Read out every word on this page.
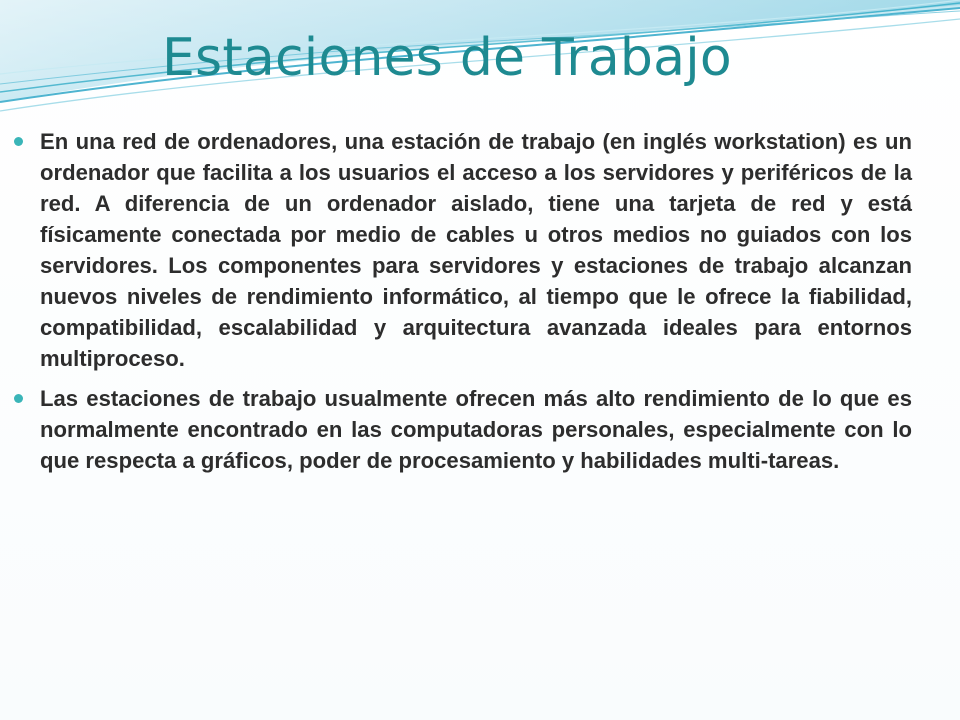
Estaciones de Trabajo
En una red de ordenadores, una estación de trabajo (en inglés workstation) es un ordenador que facilita a los usuarios el acceso a los servidores y periféricos de la red. A diferencia de un ordenador aislado, tiene una tarjeta de red y está físicamente conectada por medio de cables u otros medios no guiados con los servidores. Los componentes para servidores y estaciones de trabajo alcanzan nuevos niveles de rendimiento informático, al tiempo que le ofrece la fiabilidad, compatibilidad, escalabilidad y arquitectura avanzada ideales para entornos multiproceso.
Las estaciones de trabajo usualmente ofrecen más alto rendimiento de lo que es normalmente encontrado en las computadoras personales, especialmente con lo que respecta a gráficos, poder de procesamiento y habilidades multi-tareas.
